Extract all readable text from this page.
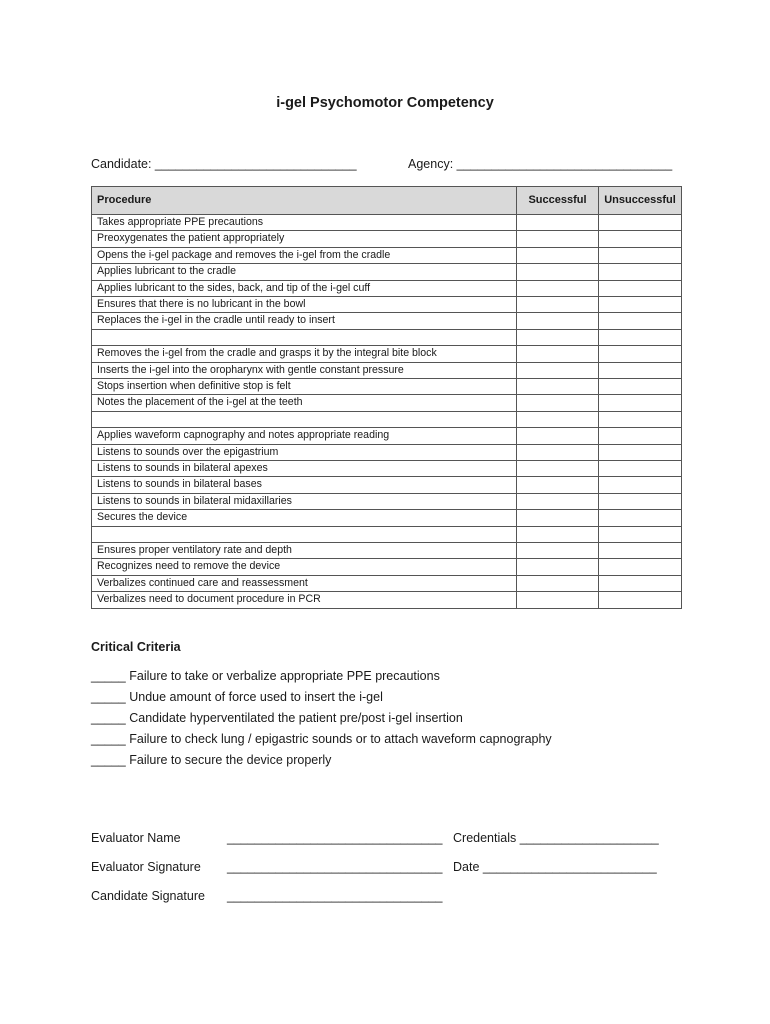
i-gel Psychomotor Competency
Candidate: _____________________________	Agency: _______________________________
Procedure	Successful	Unsuccessful
Takes appropriate PPE precautions		
Preoxygenates the patient appropriately		
Opens the i-gel package and removes the i-gel from the cradle		
Applies lubricant to the cradle		
Applies lubricant to the sides, back, and tip of the i-gel cuff		
Ensures that there is no lubricant in the bowl		
Replaces the i-gel in the cradle until ready to insert		

Removes the i-gel from the cradle and grasps it by the integral bite block		
Inserts the i-gel into the oropharynx with gentle constant pressure		
Stops insertion when definitive stop is felt		
Notes the placement of the i-gel at the teeth		

Applies waveform capnography and notes appropriate reading		
Listens to sounds over the epigastrium		
Listens to sounds in bilateral apexes		
Listens to sounds in bilateral bases		
Listens to sounds in bilateral midaxillaries		
Secures the device		

Ensures proper ventilatory rate and depth		
Recognizes need to remove the device		
Verbalizes continued care and reassessment		
Verbalizes need to document procedure in PCR		
Critical Criteria
_____ Failure to take or verbalize appropriate PPE precautions
_____ Undue amount of force used to insert the i-gel
_____ Candidate hyperventilated the patient pre/post i-gel insertion
_____ Failure to check lung / epigastric sounds or to attach waveform capnography
_____ Failure to secure the device properly
Evaluator Name	_______________________________ Credentials ____________________
Evaluator Signature _______________________________ Date _________________________
Candidate Signature _______________________________
